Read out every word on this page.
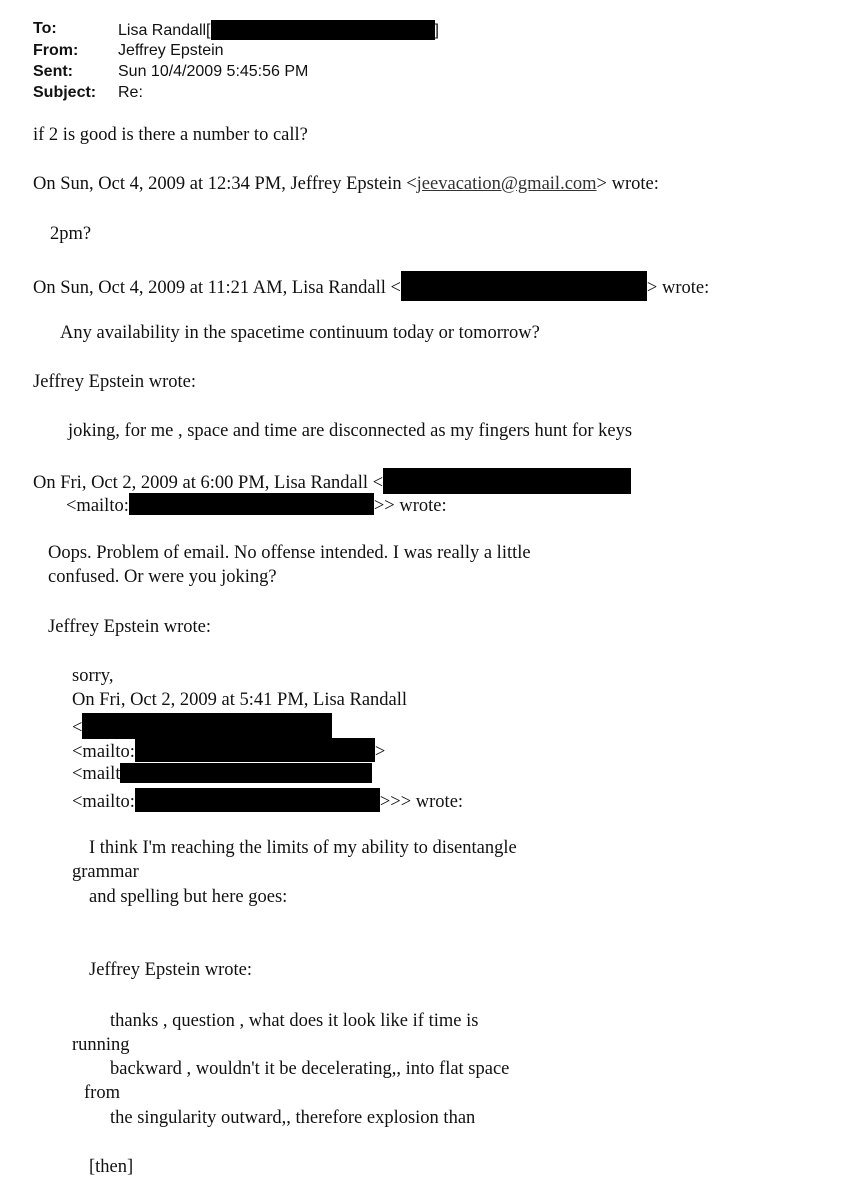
To:	Lisa Randall[	]
From: Jeffrey Epstein
Sent:	Sun 10/4/2009 5:45:56 PM
Subject: Re:
if 2 is good is there a number to call?
On Sun, Oct 4, 2009 at 12:34 PM, Jeffrey Epstein <jeevacation@gmail.com> wrote:
2pm?
On Sun, Oct 4, 2009 at 11:21 AM, Lisa Randall <	> wrote:
Any availability in the spacetime continuum today or tomorrow?
Jeffrey Epstein wrote:
joking, for me , space and time are disconnected as my fingers hunt for keys
On Fri, Oct 2, 2009 at 6:00 PM, Lisa Randall <
<mailto:	>> wrote:
Oops. Problem of email. No offense intended. I was really a little
confused. Or were you joking?
Jeffrey Epstein wrote:
sorry,
On Fri, Oct 2, 2009 at 5:41 PM, Lisa Randall
<
<mailto:	>
<mailt
<mailto:	>>> wrote:
I think I'm reaching the limits of my ability to disentangle
grammar
and spelling but here goes:
Jeffrey Epstein wrote:
thanks , question , what does it look like if time is
running
backward , wouldn't it be decelerating,, into flat space
from
the singularity outward,, therefore explosion than
[then]
